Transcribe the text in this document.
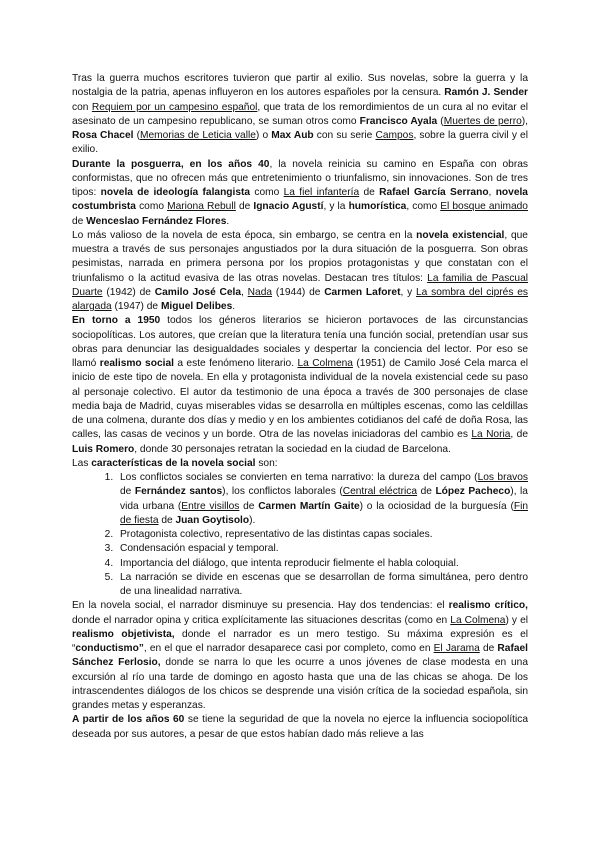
Tras la guerra muchos escritores tuvieron que partir al exilio. Sus novelas, sobre la guerra y la nostalgia de la patria, apenas influyeron en los autores españoles por la censura. Ramón J. Sender con Requiem por un campesino español, que trata de los remordimientos de un cura al no evitar el asesinato de un campesino republicano, se suman otros como Francisco Ayala (Muertes de perro), Rosa Chacel (Memorias de Leticia valle) o Max Aub con su serie Campos, sobre la guerra civil y el exilio.

Durante la posguerra, en los años 40, la novela reinicia su camino en España con obras conformistas, que no ofrecen más que entretenimiento o triunfalismo, sin innovaciones. Son de tres tipos: novela de ideología falangista como La fiel infantería de Rafael García Serrano, novela costumbrista como Mariona Rebull de Ignacio Agustí, y la humorística, como El bosque animado de Wenceslao Fernández Flores.

Lo más valioso de la novela de esta época, sin embargo, se centra en la novela existencial, que muestra a través de sus personajes angustiados por la dura situación de la posguerra. Son obras pesimistas, narrada en primera persona por los propios protagonistas y que constatan con el triunfalismo o la actitud evasiva de las otras novelas. Destacan tres títulos: La familia de Pascual Duarte (1942) de Camilo José Cela, Nada (1944) de Carmen Laforet, y La sombra del ciprés es alargada (1947) de Miguel Delibes.

En torno a 1950 todos los géneros literarios se hicieron portavoces de las circunstancias sociopolíticas. Los autores, que creían que la literatura tenía una función social, pretendían usar sus obras para denunciar las desigualdades sociales y despertar la conciencia del lector. Por eso se llamó realismo social a este fenómeno literario. La Colmena (1951) de Camilo José Cela marca el inicio de este tipo de novela. En ella y protagonista individual de la novela existencial cede su paso al personaje colectivo. El autor da testimonio de una época a través de 300 personajes de clase media baja de Madrid, cuyas miserables vidas se desarrolla en múltiples escenas, como las celdillas de una colmena, durante dos días y medio y en los ambientes cotidianos del café de doña Rosa, las calles, las casas de vecinos y un borde. Otra de las novelas iniciadoras del cambio es La Noria, de Luis Romero, donde 30 personajes retratan la sociedad en la ciudad de Barcelona.

Las características de la novela social son:

1. Los conflictos sociales se convierten en tema narrativo: la dureza del campo (Los bravos de Fernández santos), los conflictos laborales (Central eléctrica de López Pacheco), la vida urbana (Entre visillos de Carmen Martín Gaite) o la ociosidad de la burguesía (Fin de fiesta de Juan Goytisolo).
2. Protagonista colectivo, representativo de las distintas capas sociales.
3. Condensación espacial y temporal.
4. Importancia del diálogo, que intenta reproducir fielmente el habla coloquial.
5. La narración se divide en escenas que se desarrollan de forma simultánea, pero dentro de una linealidad narrativa.

En la novela social, el narrador disminuye su presencia. Hay dos tendencias: el realismo crítico, donde el narrador opina y critica explícitamente las situaciones descritas (como en La Colmena) y el realismo objetivista, donde el narrador es un mero testigo. Su máxima expresión es el “conductismo”, en el que el narrador desaparece casi por completo, como en El Jarama de Rafael Sánchez Ferlosio, donde se narra lo que les ocurre a unos jóvenes de clase modesta en una excursión al río una tarde de domingo en agosto hasta que una de las chicas se ahoga. De los intrascendentes diálogos de los chicos se desprende una visión crítica de la sociedad española, sin grandes metas y esperanzas.

A partir de los años 60 se tiene la seguridad de que la novela no ejerce la influencia sociopolítica deseada por sus autores, a pesar de que estos habían dado más relieve a las
